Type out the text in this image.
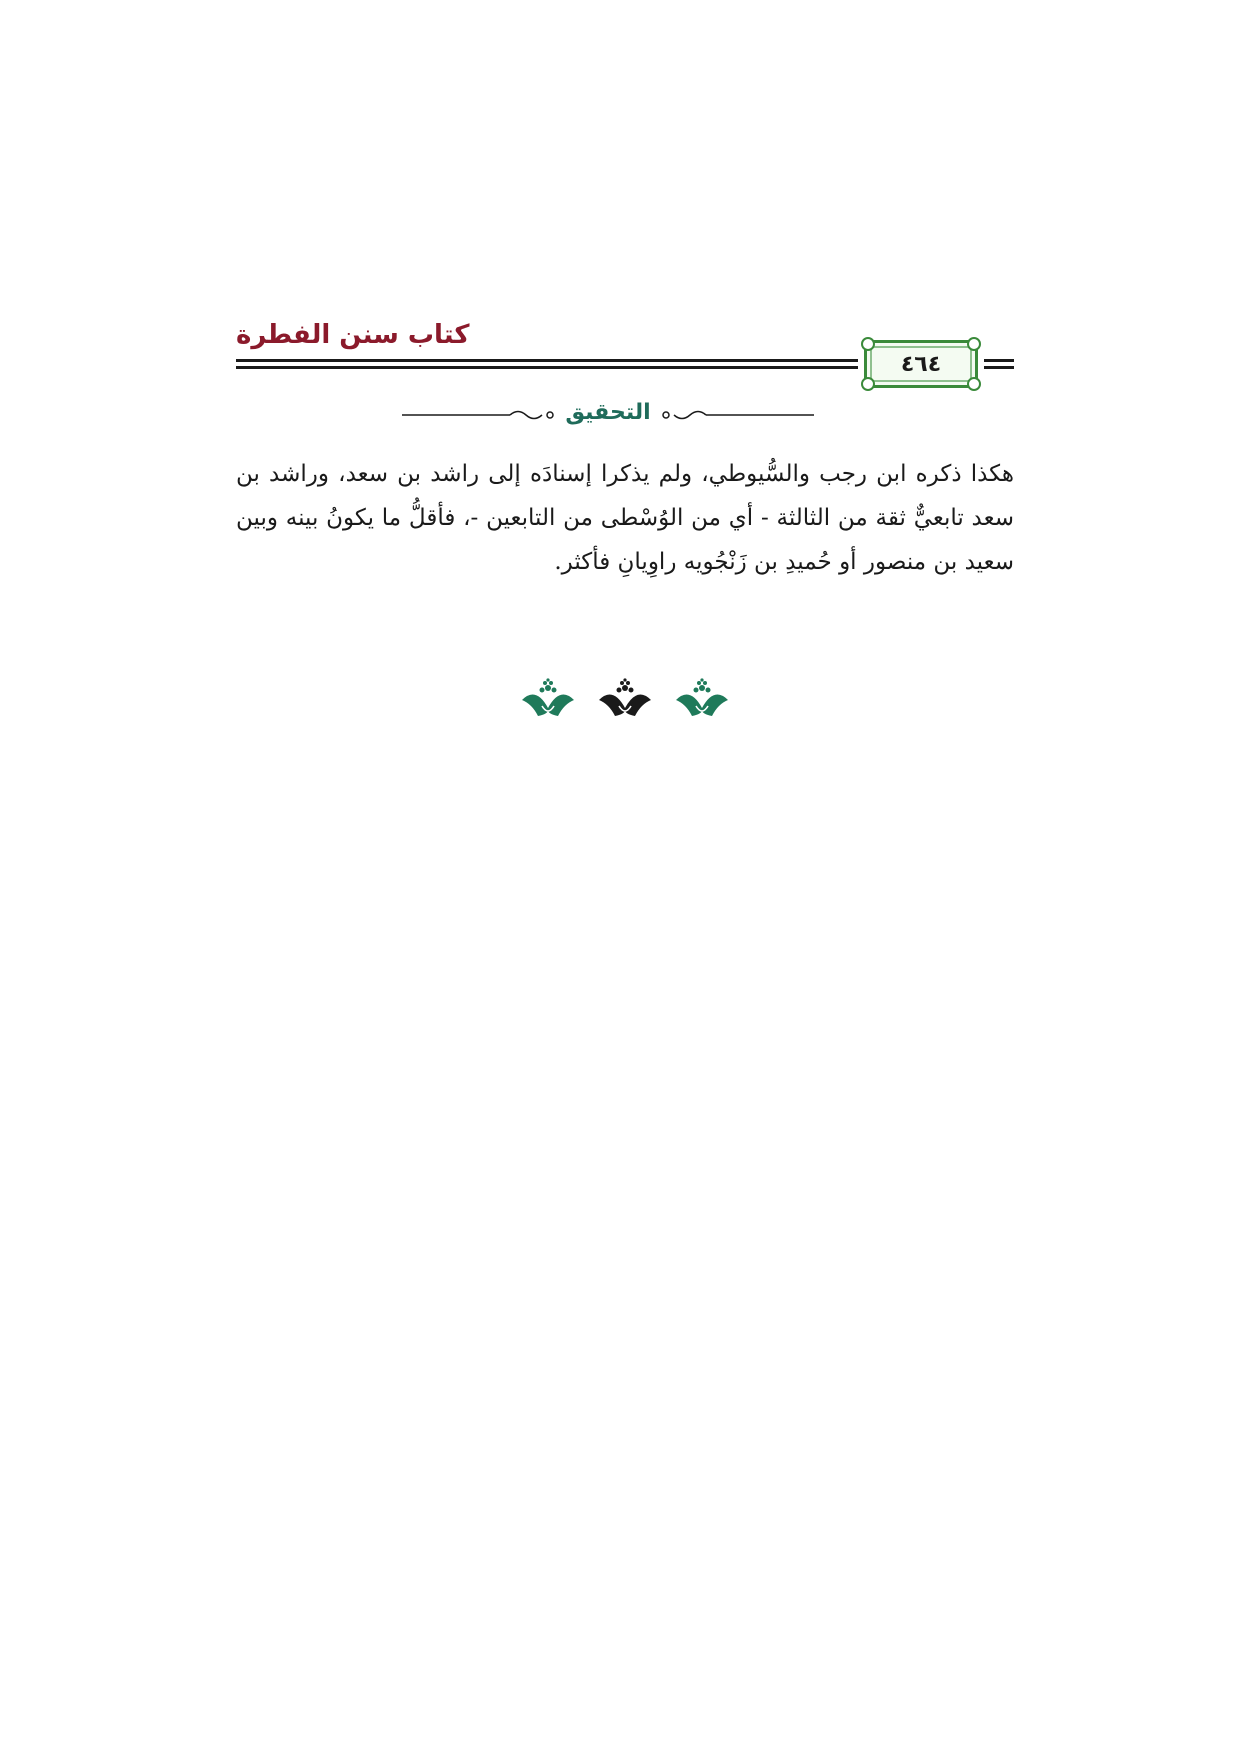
كتاب سنن الفطرة
٤٦٤
التحقيق

هكذا ذكره ابن رجب والسُّيوطي، ولم يذكرا إسنادَه إلى راشد بن سعد، وراشد بن سعد تابعيٌّ ثقة من الثالثة - أي من الوُسْطى من التابعين -، فأقلُّ ما يكونُ بينه وبين سعيد بن منصور أو حُميدِ بن زَنْجُويه راوِيانِ فأكثر.
